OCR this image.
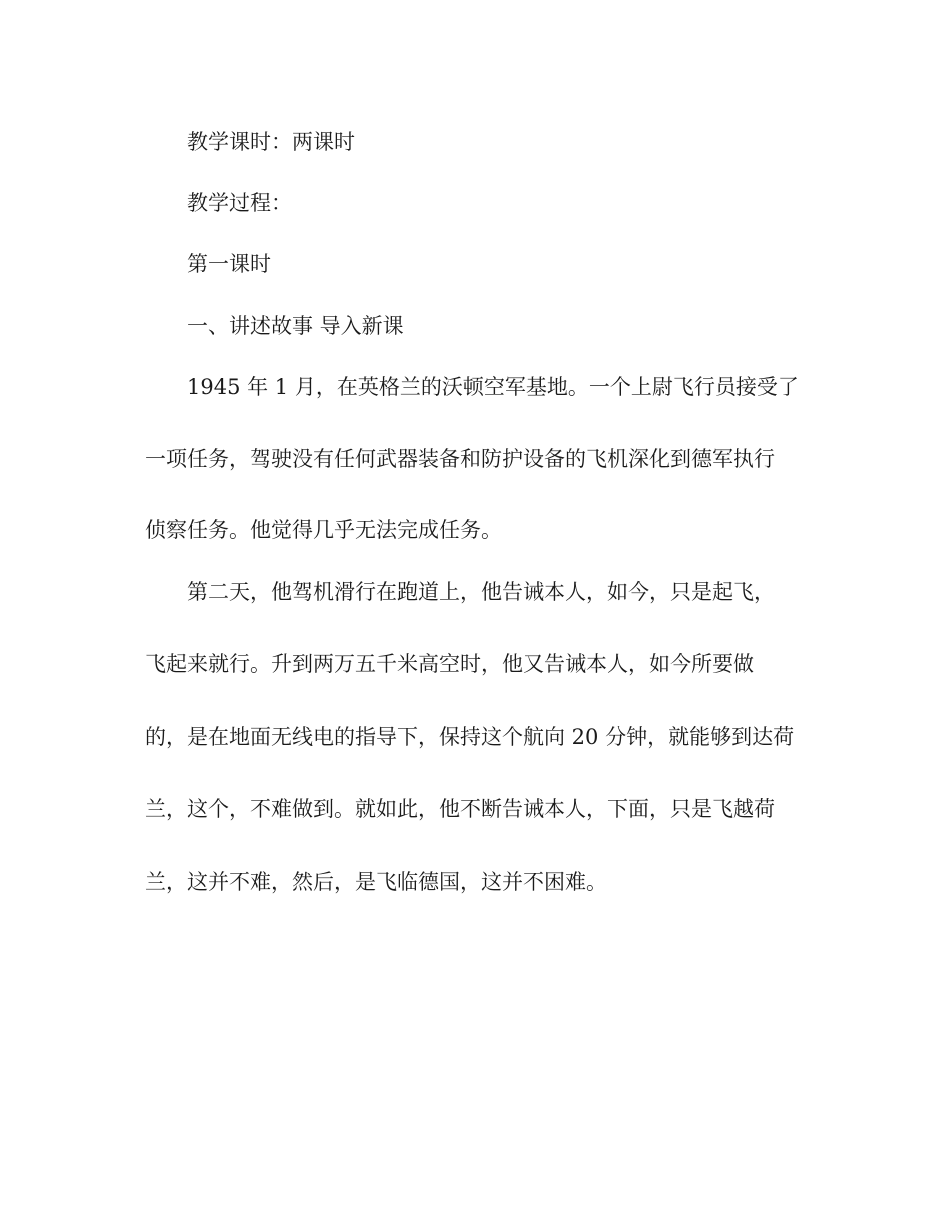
教学课时：两课时

教学过程：

第一课时

一、讲述故事 导入新课

1945 年 1 月，在英格兰的沃顿空军基地。一个上尉飞行员接受了

一项任务，驾驶没有任何武器装备和防护设备的飞机深化到德军执行

侦察任务。他觉得几乎无法完成任务。

第二天，他驾机滑行在跑道上，他告诫本人，如今，只是起飞，

飞起来就行。升到两万五千米高空时，他又告诫本人，如今所要做

的，是在地面无线电的指导下，保持这个航向 20 分钟，就能够到达荷

兰，这个，不难做到。就如此，他不断告诫本人，下面，只是飞越荷

兰，这并不难，然后，是飞临德国，这并不困难。
